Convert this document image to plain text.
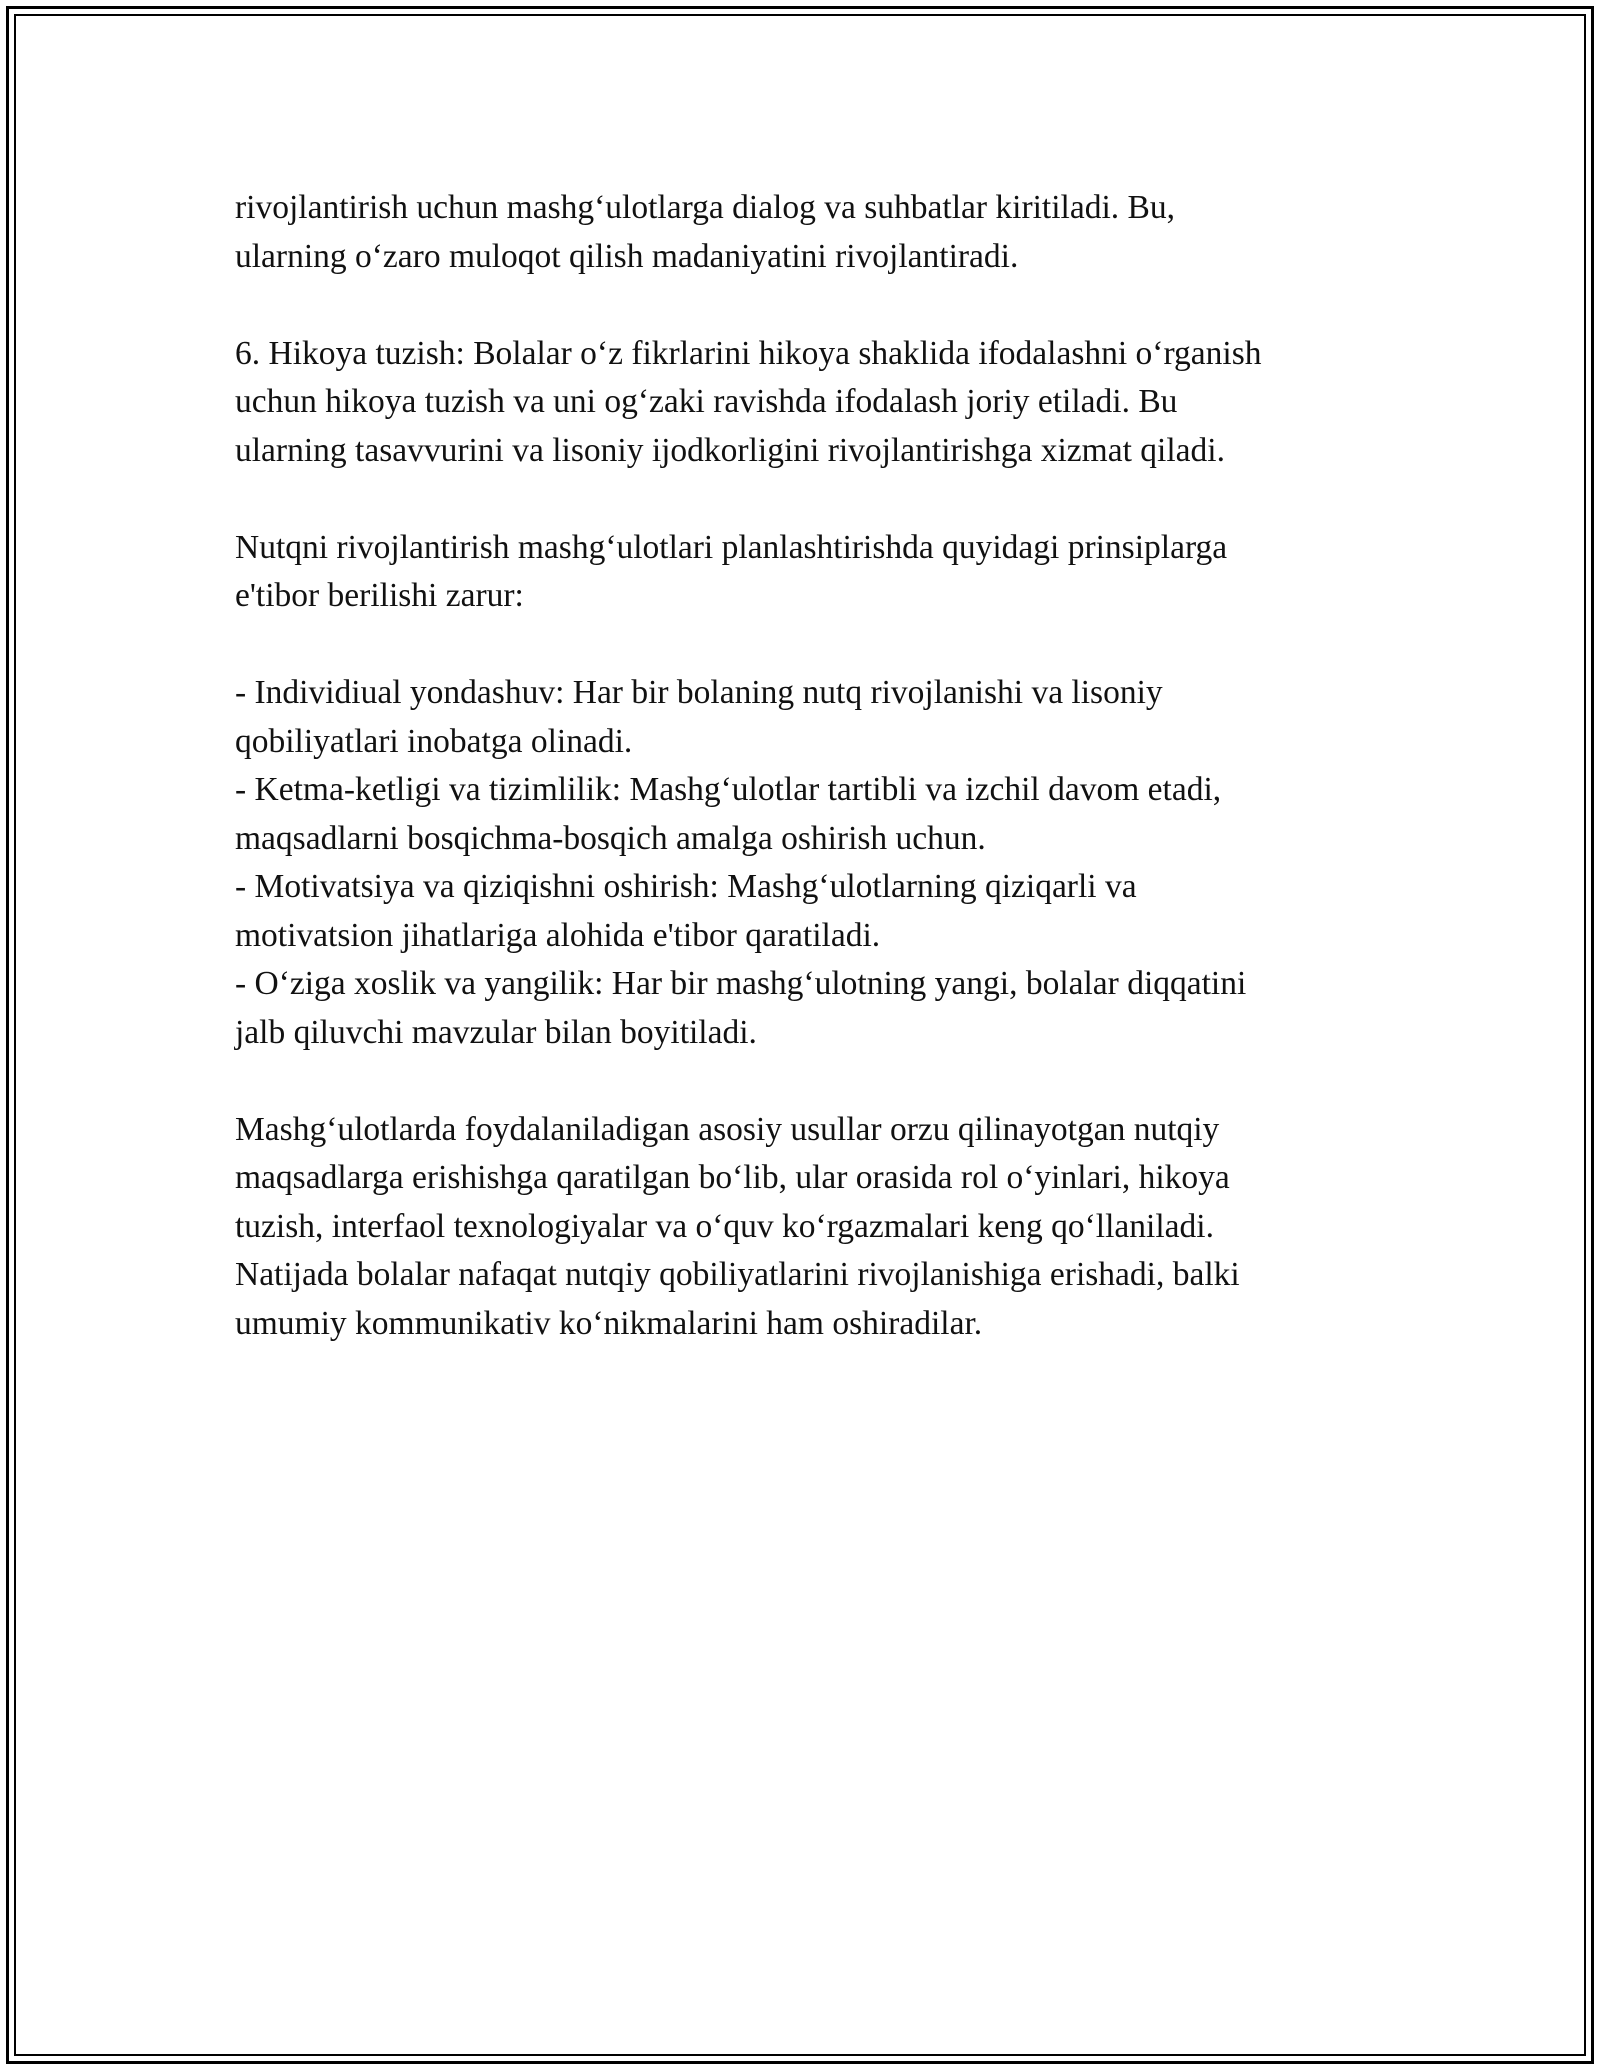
rivojlantirish uchun mashg‘ulotlarga dialog va suhbatlar kiritiladi. Bu,
ularning o‘zaro muloqot qilish madaniyatini rivojlantiradi.

6. Hikoya tuzish: Bolalar o‘z fikrlarini hikoya shaklida ifodalashni o‘rganish
uchun hikoya tuzish va uni og‘zaki ravishda ifodalash joriy etiladi. Bu
ularning tasavvurini va lisoniy ijodkorligini rivojlantirishga xizmat qiladi.

Nutqni rivojlantirish mashg‘ulotlari planlashtirishda quyidagi prinsiplarga
e'tibor berilishi zarur:

- Individiual yondashuv: Har bir bolaning nutq rivojlanishi va lisoniy
qobiliyatlari inobatga olinadi.
- Ketma-ketligi va tizimlilik: Mashg‘ulotlar tartibli va izchil davom etadi,
maqsadlarni bosqichma-bosqich amalga oshirish uchun.
- Motivatsiya va qiziqishni oshirish: Mashg‘ulotlarning qiziqarli va
motivatsion jihatlariga alohida e'tibor qaratiladi.
- O‘ziga xoslik va yangilik: Har bir mashg‘ulotning yangi, bolalar diqqatini
jalb qiluvchi mavzular bilan boyitiladi.

Mashg‘ulotlarda foydalaniladigan asosiy usullar orzu qilinayotgan nutqiy
maqsadlarga erishishga qaratilgan bo‘lib, ular orasida rol o‘yinlari, hikoya
tuzish, interfaol texnologiyalar va o‘quv ko‘rgazmalari keng qo‘llaniladi.
Natijada bolalar nafaqat nutqiy qobiliyatlarini rivojlanishiga erishadi, balki
umumiy kommunikativ ko‘nikmalarini ham oshiradilar.
